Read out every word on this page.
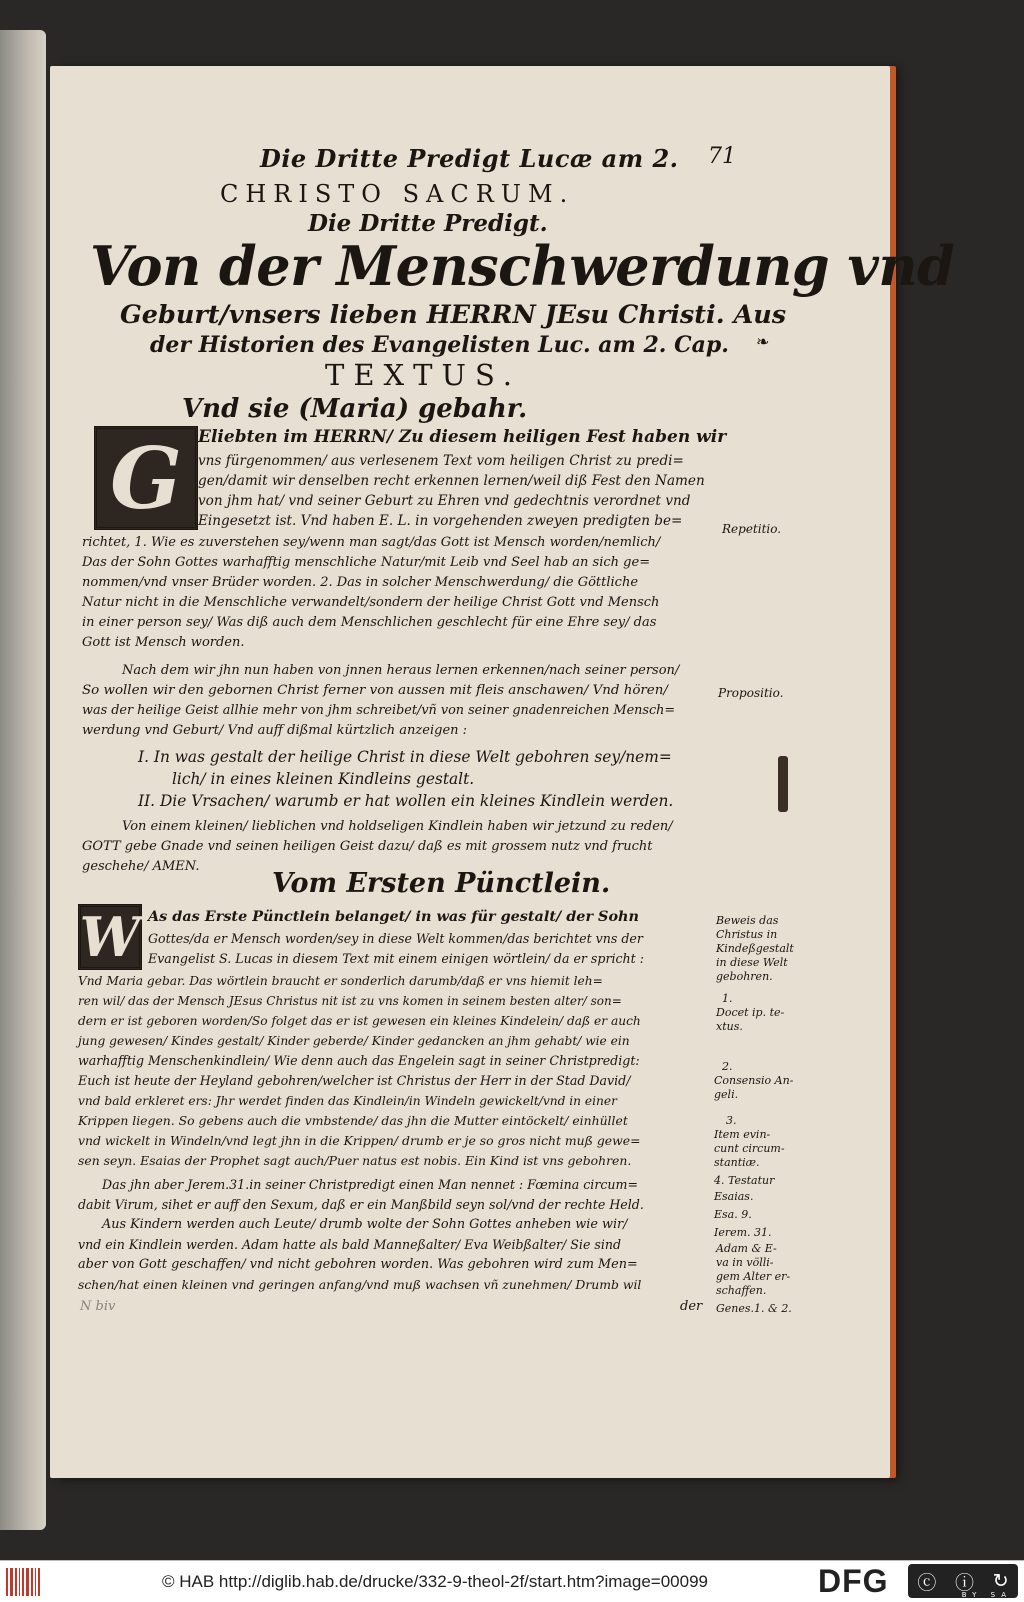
Die Dritte Predigt Lucæ am 2. 71
CHRISTO SACRUM.
Die Dritte Predigt.
Von der Menschwerdung vnd
Geburt/vnsers lieben HERRN JEsu Christi. Aus
der Historien des Evangelisten Luc. am 2. Cap. ❧
TEXTUS.
Vnd sie (Maria) gebahr.
G Eliebten im HERRN/ Zu diesem heiligen Fest haben wir
vns fürgenommen/ aus verlesenem Text vom heiligen Christ zu predi=
gen/damit wir denselben recht erkennen lernen/weil diß Fest den Namen
von jhm hat/ vnd seiner Geburt zu Ehren vnd gedechtnis verordnet vnd
Eingesetzt ist. Vnd haben E. L. in vorgehenden zweyen predigten be=
richtet, 1. Wie es zuverstehen sey/wenn man sagt/das Gott ist Mensch worden/nemlich/
Das der Sohn Gottes warhafftig menschliche Natur/mit Leib vnd Seel hab an sich ge=
nommen/vnd vnser Brüder worden. 2. Das in solcher Menschwerdung/ die Göttliche
Natur nicht in die Menschliche verwandelt/sondern der heilige Christ Gott vnd Mensch
in einer person sey/ Was diß auch dem Menschlichen geschlecht für eine Ehre sey/ das
Gott ist Mensch worden.
Nach dem wir jhn nun haben von jnnen heraus lernen erkennen/nach seiner person/
So wollen wir den gebornen Christ ferner von aussen mit fleis anschawen/ Vnd hören/
was der heilige Geist allhie mehr von jhm schreibet/vñ von seiner gnadenreichen Mensch=
werdung vnd Geburt/ Vnd auff dißmal kürtzlich anzeigen :
I. In was gestalt der heilige Christ in diese Welt gebohren sey/nem=
lich/ in eines kleinen Kindleins gestalt.
II. Die Vrsachen/ warumb er hat wollen ein kleines Kindlein werden.
Von einem kleinen/ lieblichen vnd holdseligen Kindlein haben wir jetzund zu reden/
GOTT gebe Gnade vnd seinen heiligen Geist dazu/ daß es mit grossem nutz vnd frucht
geschehe/ AMEN.
Vom Ersten Pünctlein.
W As das Erste Pünctlein belanget/ in was für gestalt/ der Sohn
Gottes/da er Mensch worden/sey in diese Welt kommen/das berichtet vns der
Evangelist S. Lucas in diesem Text mit einem einigen wörtlein/ da er spricht :
Vnd Maria gebar. Das wörtlein braucht er sonderlich darumb/daß er vns hiemit leh=
ren wil/ das der Mensch JEsus Christus nit ist zu vns komen in seinem besten alter/ son=
dern er ist geboren worden/So folget das er ist gewesen ein kleines Kindelein/ daß er auch
jung gewesen/ Kindes gestalt/ Kinder geberde/ Kinder gedancken an jhm gehabt/ wie ein
warhafftig Menschenkindlein/ Wie denn auch das Engelein sagt in seiner Christpredigt:
Euch ist heute der Heyland gebohren/welcher ist Christus der Herr in der Stad David/
vnd bald erkleret ers: Jhr werdet finden das Kindlein/in Windeln gewickelt/vnd in einer
Krippen liegen. So gebens auch die vmbstende/ das jhn die Mutter eintöckelt/ einhüllet
vnd wickelt in Windeln/vnd legt jhn in die Krippen/ drumb er je so gros nicht muß gewe=
sen seyn. Esaias der Prophet sagt auch/Puer natus est nobis. Ein Kind ist vns gebohren.
Das jhn aber Jerem.31.in seiner Christpredigt einen Man nennet : Fœmina circum=
dabit Virum, sihet er auff den Sexum, daß er ein Manßbild seyn sol/vnd der rechte Held.
Aus Kindern werden auch Leute/ drumb wolte der Sohn Gottes anheben wie wir/
vnd ein Kindlein werden. Adam hatte als bald Manneßalter/ Eva Weibßalter/ Sie sind
aber von Gott geschaffen/ vnd nicht gebohren worden. Was gebohren wird zum Men=
schen/hat einen kleinen vnd geringen anfang/vnd muß wachsen vñ zunehmen/ Drumb wil
der
N biv
Repetitio.
Propositio.
Beweis das
Christus in
Kindeßgestalt
in diese Welt
gebohren.
1.
Docet ip. te-
xtus.
2.
Consensio An-
geli.
3.
Item evin-
cunt circum-
stantiæ.
4. Testatur
Esaias.
Esa. 9.
Ierem. 31.
Adam & E-
va in völli-
gem Alter er-
schaffen.
Genes.1. & 2.
© HAB http://diglib.hab.de/drucke/332-9-theol-2f/start.htm?image=00099	DFG ⓒ ⓘ ↻
BY SA
